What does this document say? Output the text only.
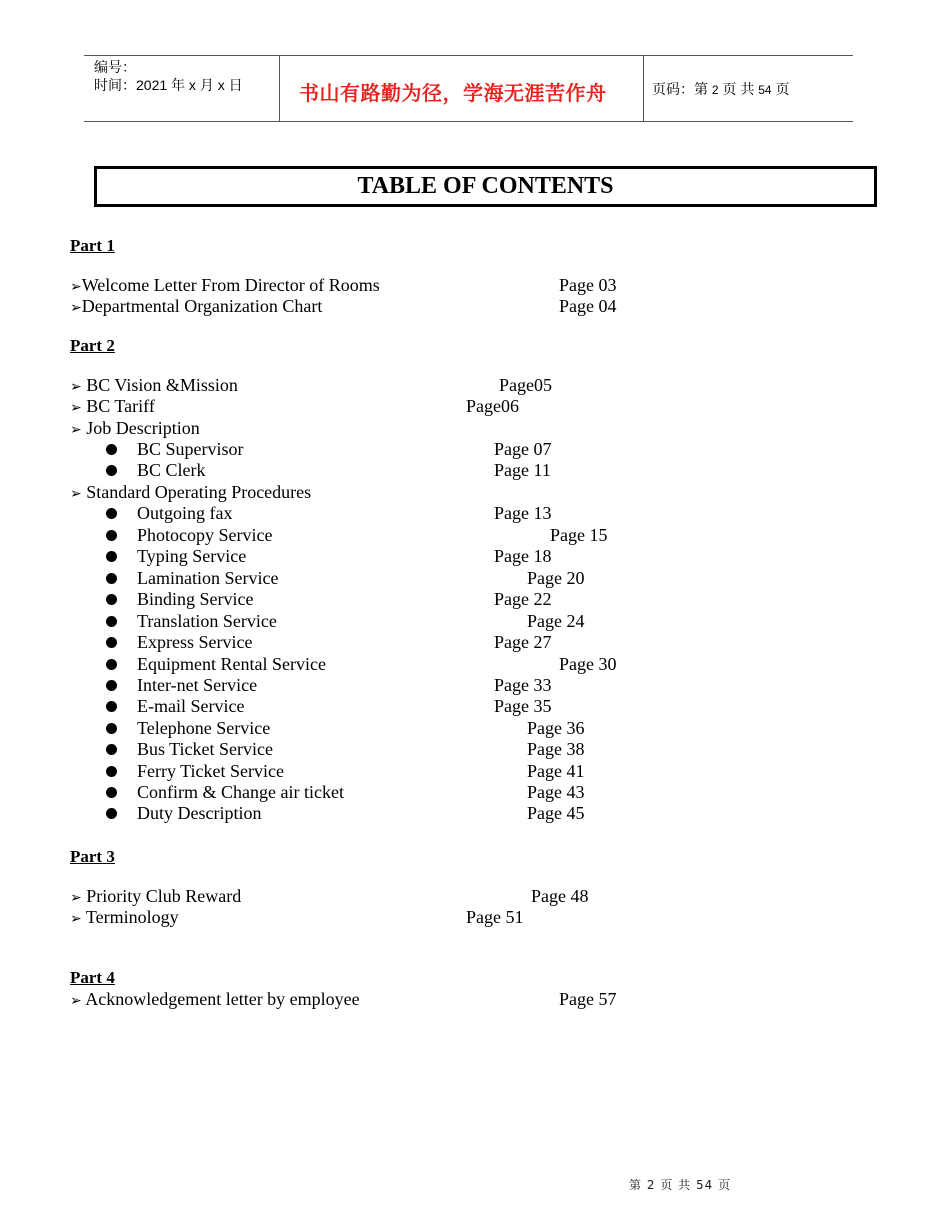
编号：
时间：2021 年 x 月 x 日	书山有路勤为径，学海无涯苦作舟	页码：第 2 页 共 54 页
TABLE OF CONTENTS
Part 1
➢Welcome Letter From Director of Rooms	Page 03
➢Departmental Organization Chart	Page 04
Part 2
➢ BC Vision &Mission	Page05
➢ BC Tariff	Page06
➢ Job Description
BC Supervisor	Page 07
BC Clerk	Page 11
➢ Standard Operating Procedures
Outgoing fax	Page 13
Photocopy Service	Page 15
Typing Service	Page 18
Lamination Service	Page 20
Binding Service	Page 22
Translation Service	Page 24
Express Service	Page 27
Equipment Rental Service	Page 30
Inter-net Service	Page 33
E-mail Service	Page 35
Telephone Service	Page 36
Bus Ticket Service	Page 38
Ferry Ticket Service	Page 41
Confirm & Change air ticket	Page 43
Duty Description	Page 45
Part 3
➢ Priority Club Reward	Page 48
➢ Terminology	Page 51
Part 4
➢ Acknowledgement letter by employee	Page 57
第 2 页 共 54 页
